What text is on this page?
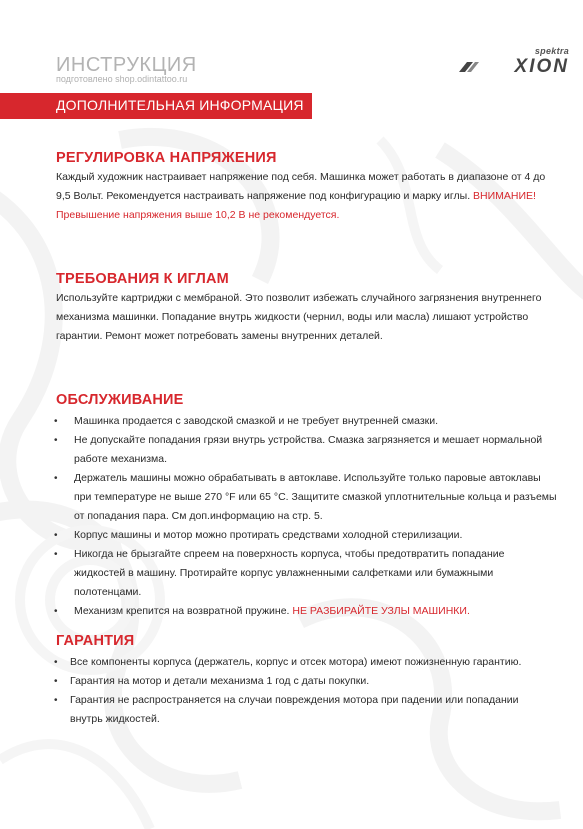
ИНСТРУКЦИЯ
подготовлено shop.odintattoo.ru
spektra
XION
ДОПОЛНИТЕЛЬНАЯ ИНФОРМАЦИЯ
РЕГУЛИРОВКА НАПРЯЖЕНИЯ

Каждый художник настраивает напряжение под себя. Машинка может работать в диапазоне от 4 до

9,5 Вольт. Рекомендуется настраивать напряжение под конфигурацию и марку иглы. ВНИМАНИЕ!

Превышение напряжения выше 10,2 В не рекомендуется.

ТРЕБОВАНИЯ К ИГЛАМ

Используйте картриджи с мембраной. Это позволит избежать случайного загрязнения внутреннего

механизма машинки. Попадание внутрь жидкости (чернил, воды или масла) лишают устройство

гарантии. Ремонт может потребовать замены внутренних деталей.

ОБСЛУЖИВАНИЕ
• Машинка продается с заводской смазкой и не требует внутренней смазки.
• Не допускайте попадания грязи внутрь устройства. Смазка загрязняется и мешает нормальной
работе механизма.
• Держатель машины можно обрабатывать в автоклаве. Используйте только паровые автоклавы
при температуре не выше 270 °F или 65 °С. Защитите смазкой уплотнительные кольца и разъемы
от попадания пара. См доп.информацию на стр. 5.
• Корпус машины и мотор можно протирать средствами холодной стерилизации.
• Никогда не брызгайте спреем на поверхность корпуса, чтобы предотвратить попадание
жидкостей в машину. Протирайте корпус увлажненными салфетками или бумажными
полотенцами.
• Механизм крепится на возвратной пружине. НЕ РАЗБИРАЙТЕ УЗЛЫ МАШИНКИ.
ГАРАНТИЯ
• Все компоненты корпуса (держатель, корпус и отсек мотора) имеют пожизненную гарантию.
• Гарантия на мотор и детали механизма 1 год с даты покупки.
• Гарантия не распространяется на случаи повреждения мотора при падении или попадании
внутрь жидкостей.
